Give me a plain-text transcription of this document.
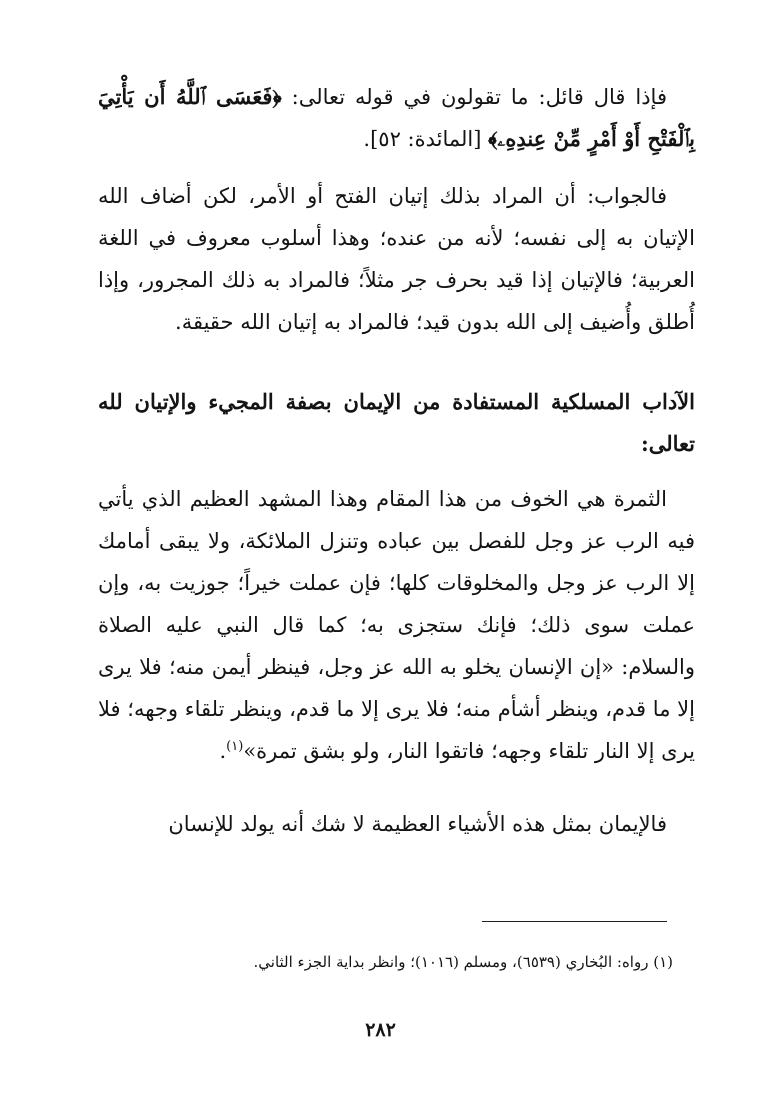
فإذا قال قائل: ما تقولون في قوله تعالى: ﴿فَعَسَى ٱللَّهُ أَن يَأْتِيَ بِٱلْفَتْحِ أَوْ أَمْرٍ مِّنْ عِندِهِۦ﴾ [المائدة: ٥٢].

فالجواب: أن المراد بذلك إتيان الفتح أو الأمر، لكن أضاف الله الإتيان به إلى نفسه؛ لأنه من عنده؛ وهذا أسلوب معروف في اللغة العربية؛ فالإتيان إذا قيد بحرف جر مثلاً؛ فالمراد به ذلك المجرور، وإذا أُطلق وأُضيف إلى الله بدون قيد؛ فالمراد به إتيان الله حقيقة.

الآداب المسلكية المستفادة من الإيمان بصفة المجيء والإتيان لله تعالى:

الثمرة هي الخوف من هذا المقام وهذا المشهد العظيم الذي يأتي فيه الرب عز وجل للفصل بين عباده وتنزل الملائكة، ولا يبقى أمامك إلا الرب عز وجل والمخلوقات كلها؛ فإن عملت خيراً؛ جوزيت به، وإن عملت سوى ذلك؛ فإنك ستجزى به؛ كما قال النبي عليه الصلاة والسلام: «إن الإنسان يخلو به الله عز وجل، فينظر أيمن منه؛ فلا يرى إلا ما قدم، وينظر أشأم منه؛ فلا يرى إلا ما قدم، وينظر تلقاء وجهه؛ فلا يرى إلا النار تلقاء وجهه؛ فاتقوا النار، ولو بشق تمرة»$^{(١)}$.

فالإيمان بمثل هذه الأشياء العظيمة لا شك أنه يولد للإنسان

(١) رواه: البُخاري (٦٥٣٩)، ومسلم (١٠١٦)؛ وانظر بداية الجزء الثاني.

٢٨٢
